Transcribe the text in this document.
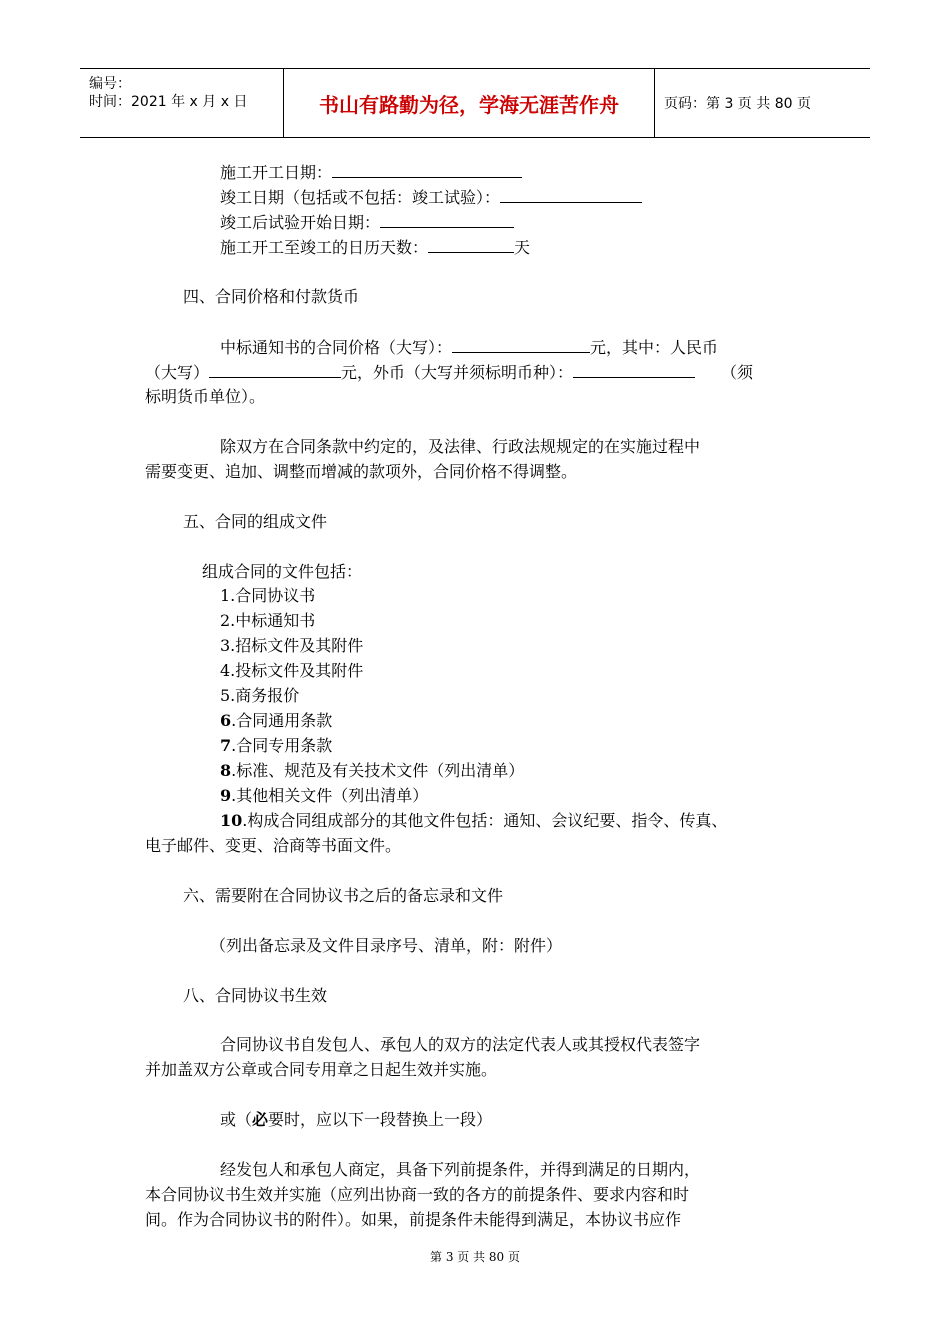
编号：
时间：2021 年 x 月 x 日	书山有路勤为径，学海无涯苦作舟	页码：第 3 页 共 80 页
施工开工日期：
竣工日期（包括或不包括：竣工试验）：
竣工后试验开始日期：
施工开工至竣工的日历天数：	天
四、合同价格和付款货币
中标通知书的合同价格（大写）：	元，其中：人民币
（大写）	元，外币（大写并须标明币种）：	（须
标明货币单位）。
除双方在合同条款中约定的，及法律、行政法规规定的在实施过程中
需要变更、追加、调整而增减的款项外，合同价格不得调整。
五、合同的组成文件
组成合同的文件包括：
1.合同协议书
2.中标通知书
3.招标文件及其附件
4.投标文件及其附件
5.商务报价
6.合同通用条款
7.合同专用条款
8.标准、规范及有关技术文件（列出清单）
9.其他相关文件（列出清单）
10.构成合同组成部分的其他文件包括：通知、会议纪要、指令、传真、
电子邮件、变更、洽商等书面文件。
六、需要附在合同协议书之后的备忘录和文件
（列出备忘录及文件目录序号、清单，附：附件）
八、合同协议书生效
合同协议书自发包人、承包人的双方的法定代表人或其授权代表签字
并加盖双方公章或合同专用章之日起生效并实施。
或（必要时，应以下一段替换上一段）
经发包人和承包人商定，具备下列前提条件，并得到满足的日期内，
本合同协议书生效并实施（应列出协商一致的各方的前提条件、要求内容和时
间。作为合同协议书的附件）。如果，前提条件未能得到满足，本协议书应作
第 3 页 共 80 页
